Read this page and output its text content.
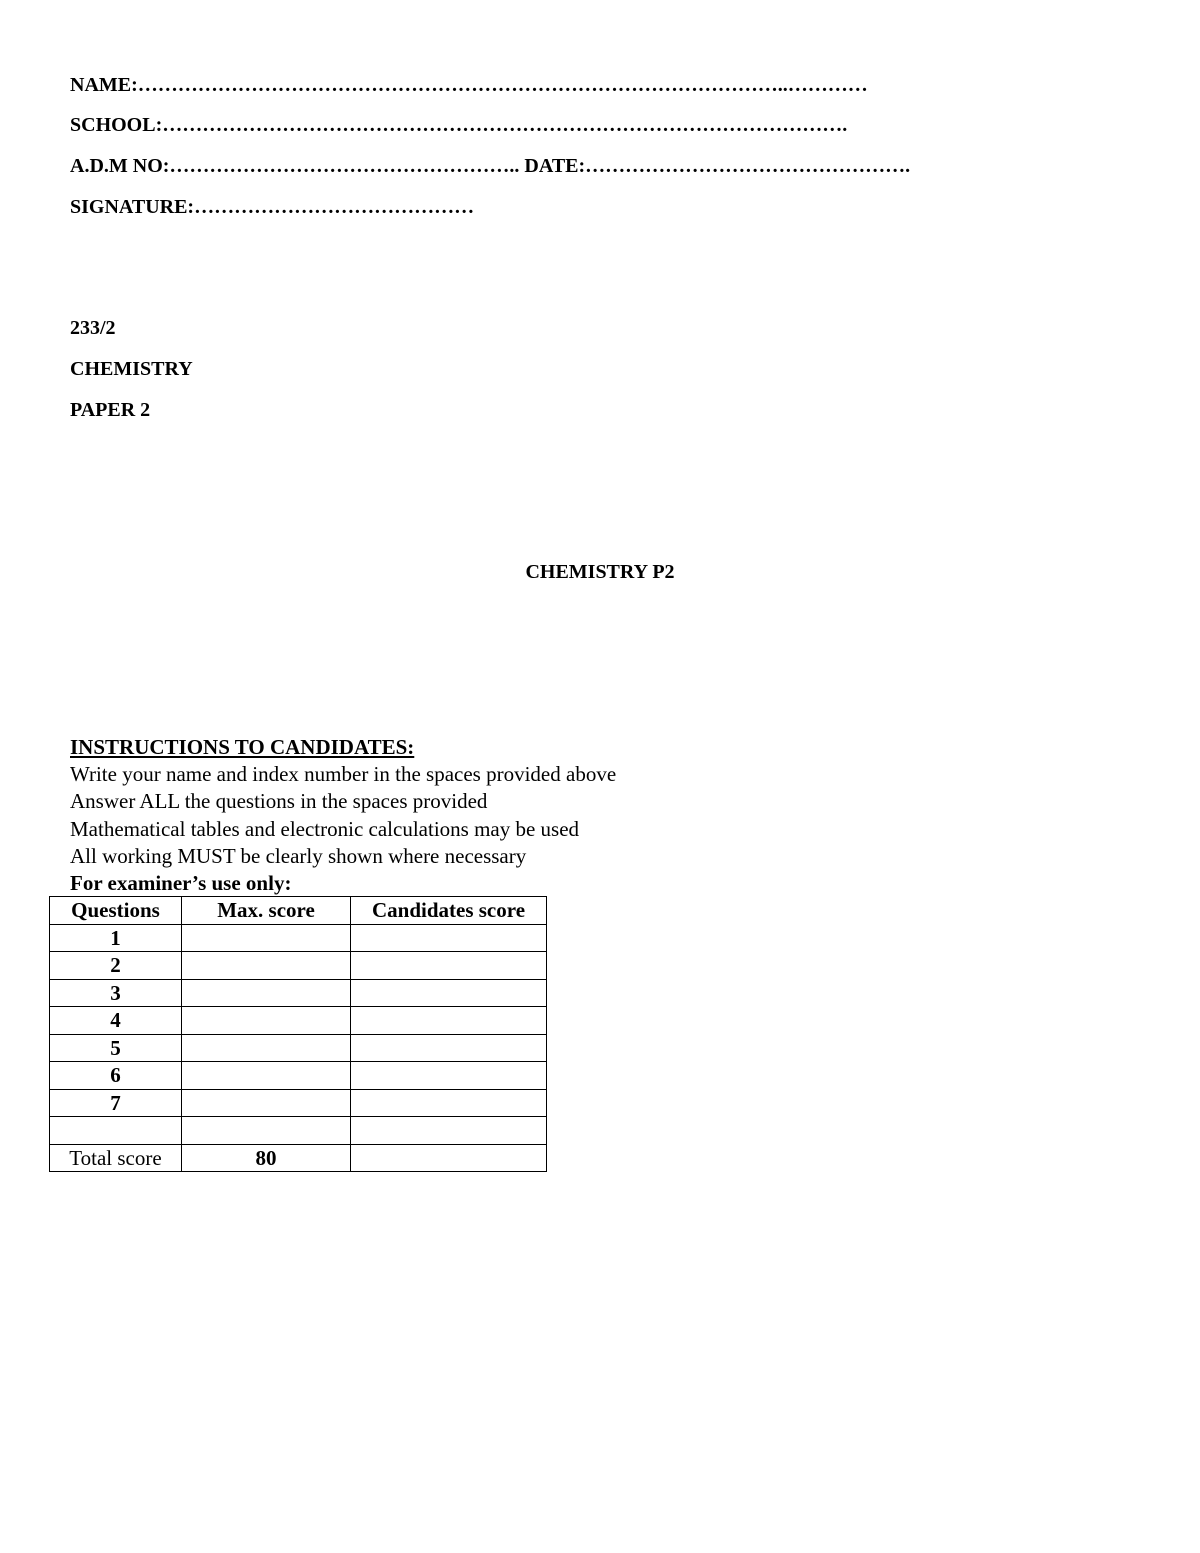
NAME:……………………………………………………………………………………..…………
SCHOOL:………………………………………………………………………………………….
A.D.M NO:…………………………………………….. DATE:………………………………………….
SIGNATURE:……………………………………
233/2
CHEMISTRY
PAPER 2
CHEMISTRY P2
INSTRUCTIONS TO CANDIDATES:
Write your name and index number in the spaces provided above
Answer ALL the questions in the spaces provided
Mathematical tables and electronic calculations may be used
All working MUST be clearly shown where necessary
For examiner’s use only:
Questions	Max. score	Candidates score
1		
2		
3		
4		
5		
6		
7		

Total score	80	
